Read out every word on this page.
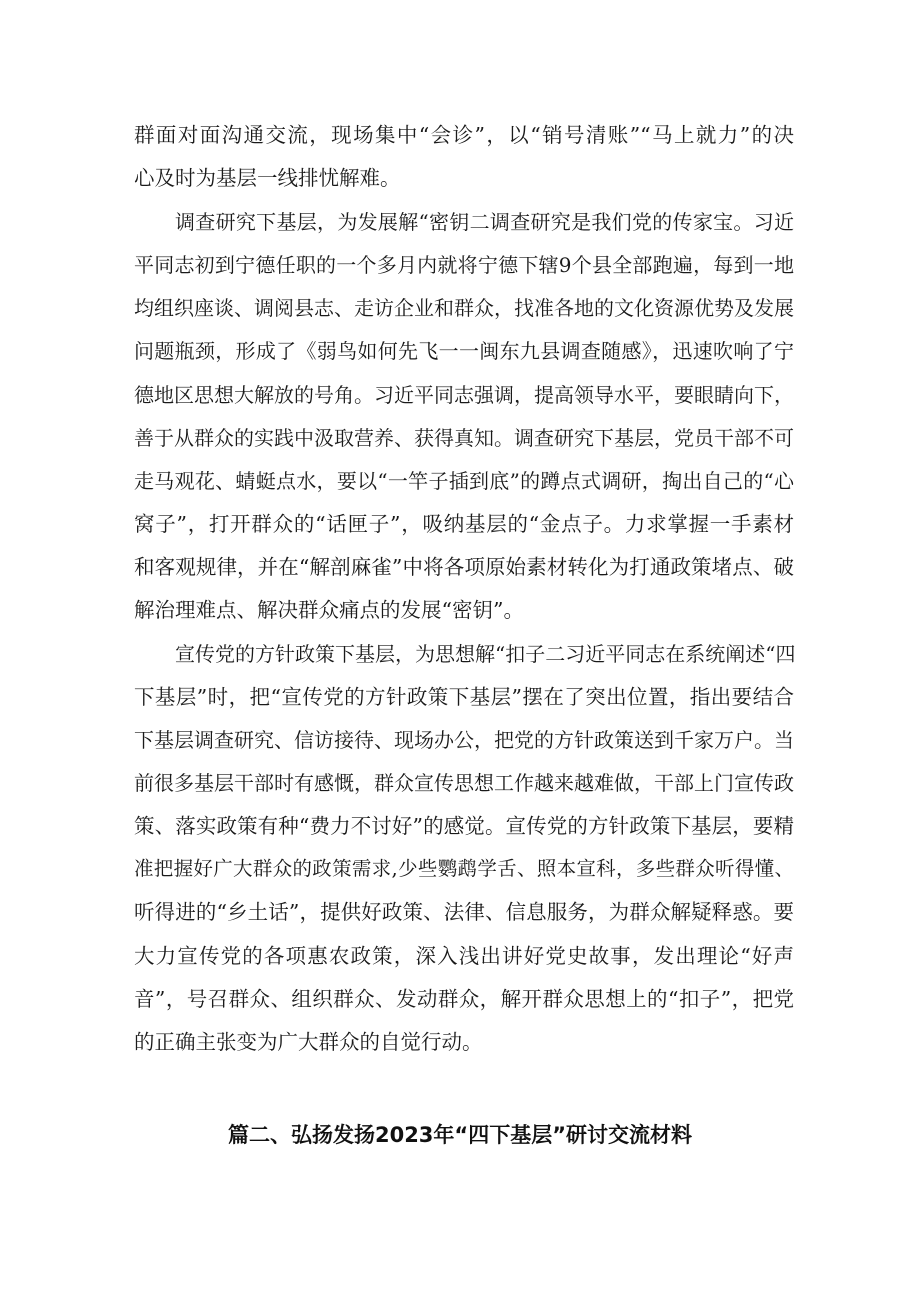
群面对面沟通交流，现场集中“会诊”，以“销号清账”“马上就力”的决
心及时为基层一线排忧解难。
调查研究下基层，为发展解“密钥二调查研究是我们党的传家宝。习近
平同志初到宁德任职的一个多月内就将宁德下辖9个县全部跑遍，每到一地
均组织座谈、调阅县志、走访企业和群众，找准各地的文化资源优势及发展
问题瓶颈，形成了《弱鸟如何先飞一一闽东九县调查随感》，迅速吹响了宁
德地区思想大解放的号角。习近平同志强调，提高领导水平，要眼睛向下，
善于从群众的实践中汲取营养、获得真知。调查研究下基层，党员干部不可
走马观花、蜻蜓点水，要以“一竿子插到底”的蹲点式调研，掏出自己的“心
窝子”，打开群众的“话匣子”，吸纳基层的“金点子。力求掌握一手素材
和客观规律，并在“解剖麻雀”中将各项原始素材转化为打通政策堵点、破
解治理难点、解决群众痛点的发展“密钥”。
宣传党的方针政策下基层，为思想解“扣子二习近平同志在系统阐述“四
下基层”时，把“宣传党的方针政策下基层”摆在了突出位置，指出要结合
下基层调查研究、信访接待、现场办公，把党的方针政策送到千家万户。当
前很多基层干部时有感慨，群众宣传思想工作越来越难做，干部上门宣传政
策、落实政策有种“费力不讨好”的感觉。宣传党的方针政策下基层，要精
准把握好广大群众的政策需求,少些鹦鹉学舌、照本宣科，多些群众听得懂、
听得进的“乡土话”，提供好政策、法律、信息服务，为群众解疑释惑。要
大力宣传党的各项惠农政策，深入浅出讲好党史故事，发出理论“好声
音”，号召群众、组织群众、发动群众，解开群众思想上的“扣子”，把党
的正确主张变为广大群众的自觉行动。
篇二、弘扬发扬2023年“四下基层”研讨交流材料
